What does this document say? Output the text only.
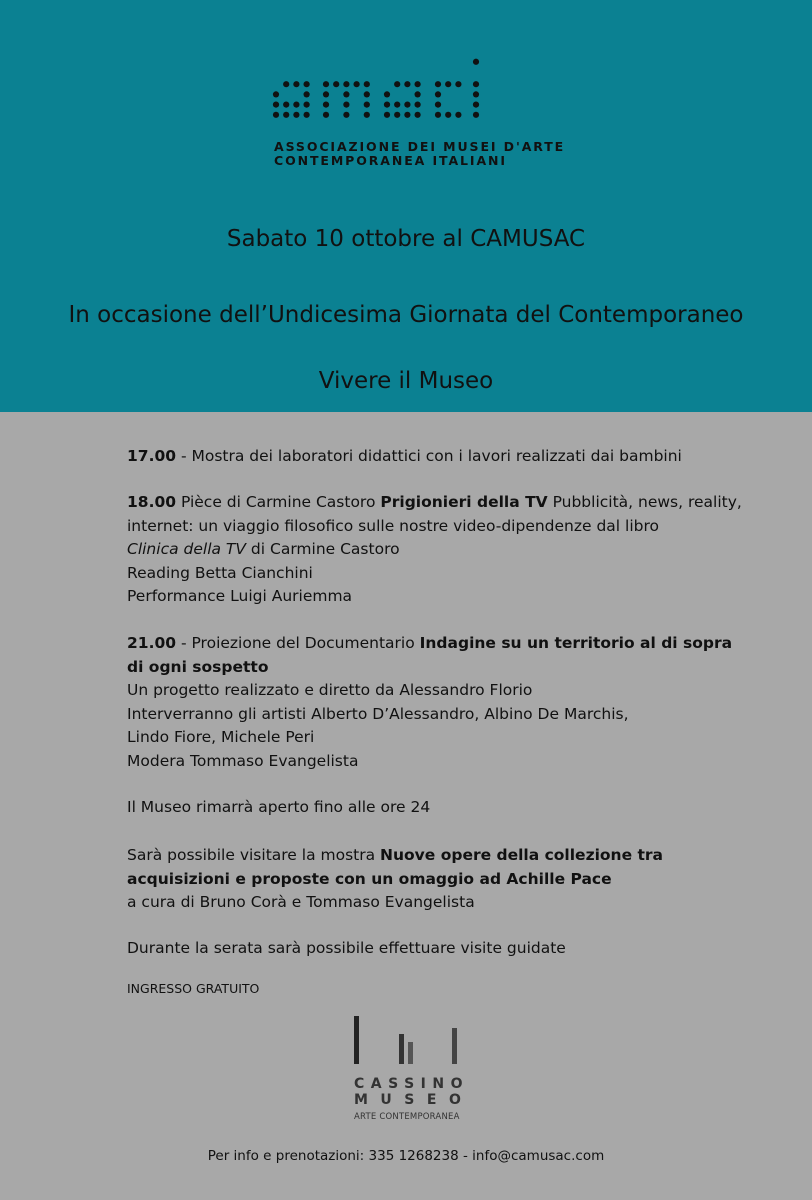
ASSOCIAZIONE DEI MUSEI D'ARTE
CONTEMPORANEA ITALIANI
Sabato 10 ottobre al CAMUSAC
In occasione dell’Undicesima Giornata del Contemporaneo
Vivere il Museo
17.00 - Mostra dei laboratori didattici con i lavori realizzati dai bambini
18.00 Pièce di Carmine Castoro Prigionieri della TV Pubblicità, news, reality, internet: un viaggio filosofico sulle nostre video-dipendenze dal libro
Clinica della TV di Carmine Castoro
Reading Betta Cianchini
Performance Luigi Auriemma
21.00 - Proiezione del Documentario Indagine su un territorio al di sopra di ogni sospetto
Un progetto realizzato e diretto da Alessandro Florio
Interverranno gli artisti Alberto D’Alessandro, Albino De Marchis,
Lindo Fiore, Michele Peri
Modera Tommaso Evangelista
Il Museo rimarrà aperto fino alle ore 24
Sarà possibile visitare la mostra Nuove opere della collezione tra acquisizioni e proposte con un omaggio ad Achille Pace
a cura di Bruno Corà e Tommaso Evangelista
Durante la serata sarà possibile effettuare visite guidate
INGRESSO GRATUITO
CASSINO
MUSEO
ARTE CONTEMPORANEA
Per info e prenotazioni: 335 1268238 - info@camusac.com
